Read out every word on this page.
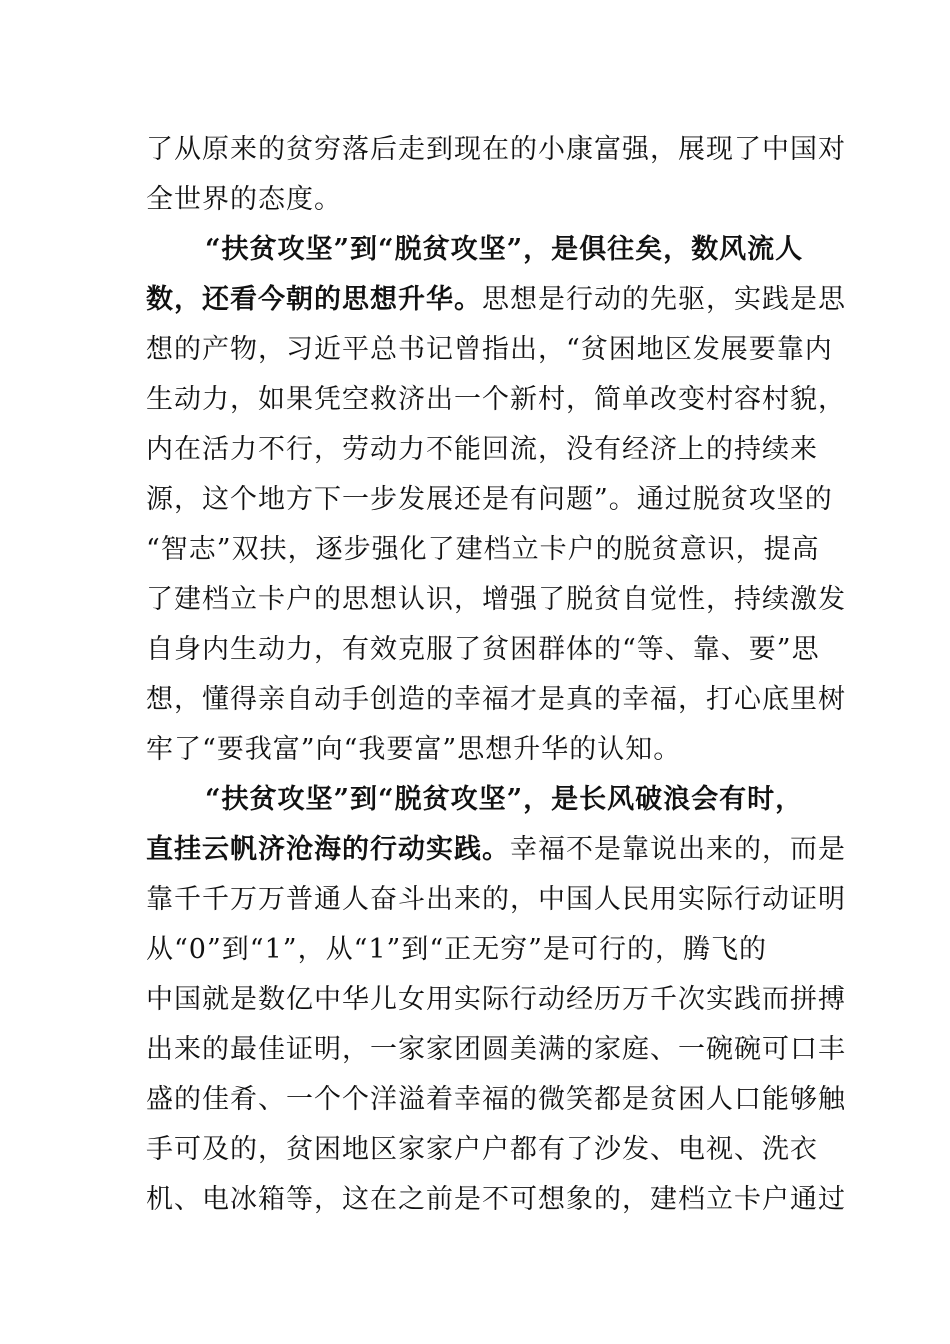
了从原来的贫穷落后走到现在的小康富强，展现了中国对
全世界的态度。
“扶贫攻坚”到“脱贫攻坚”，是俱往矣，数风流人
数，还看今朝的思想升华。思想是行动的先驱，实践是思
想的产物，习近平总书记曾指出，“贫困地区发展要靠内
生动力，如果凭空救济出一个新村，简单改变村容村貌，
内在活力不行，劳动力不能回流，没有经济上的持续来
源，这个地方下一步发展还是有问题”。通过脱贫攻坚的
“智志”双扶，逐步强化了建档立卡户的脱贫意识，提高
了建档立卡户的思想认识，增强了脱贫自觉性，持续激发
自身内生动力，有效克服了贫困群体的“等、靠、要”思
想，懂得亲自动手创造的幸福才是真的幸福，打心底里树
牢了“要我富”向“我要富”思想升华的认知。
“扶贫攻坚”到“脱贫攻坚”，是长风破浪会有时，
直挂云帆济沧海的行动实践。幸福不是靠说出来的，而是
靠千千万万普通人奋斗出来的，中国人民用实际行动证明
从“0”到“1”，从“1”到“正无穷”是可行的，腾飞的
中国就是数亿中华儿女用实际行动经历万千次实践而拼搏
出来的最佳证明，一家家团圆美满的家庭、一碗碗可口丰
盛的佳肴、一个个洋溢着幸福的微笑都是贫困人口能够触
手可及的，贫困地区家家户户都有了沙发、电视、洗衣
机、电冰箱等，这在之前是不可想象的，建档立卡户通过
